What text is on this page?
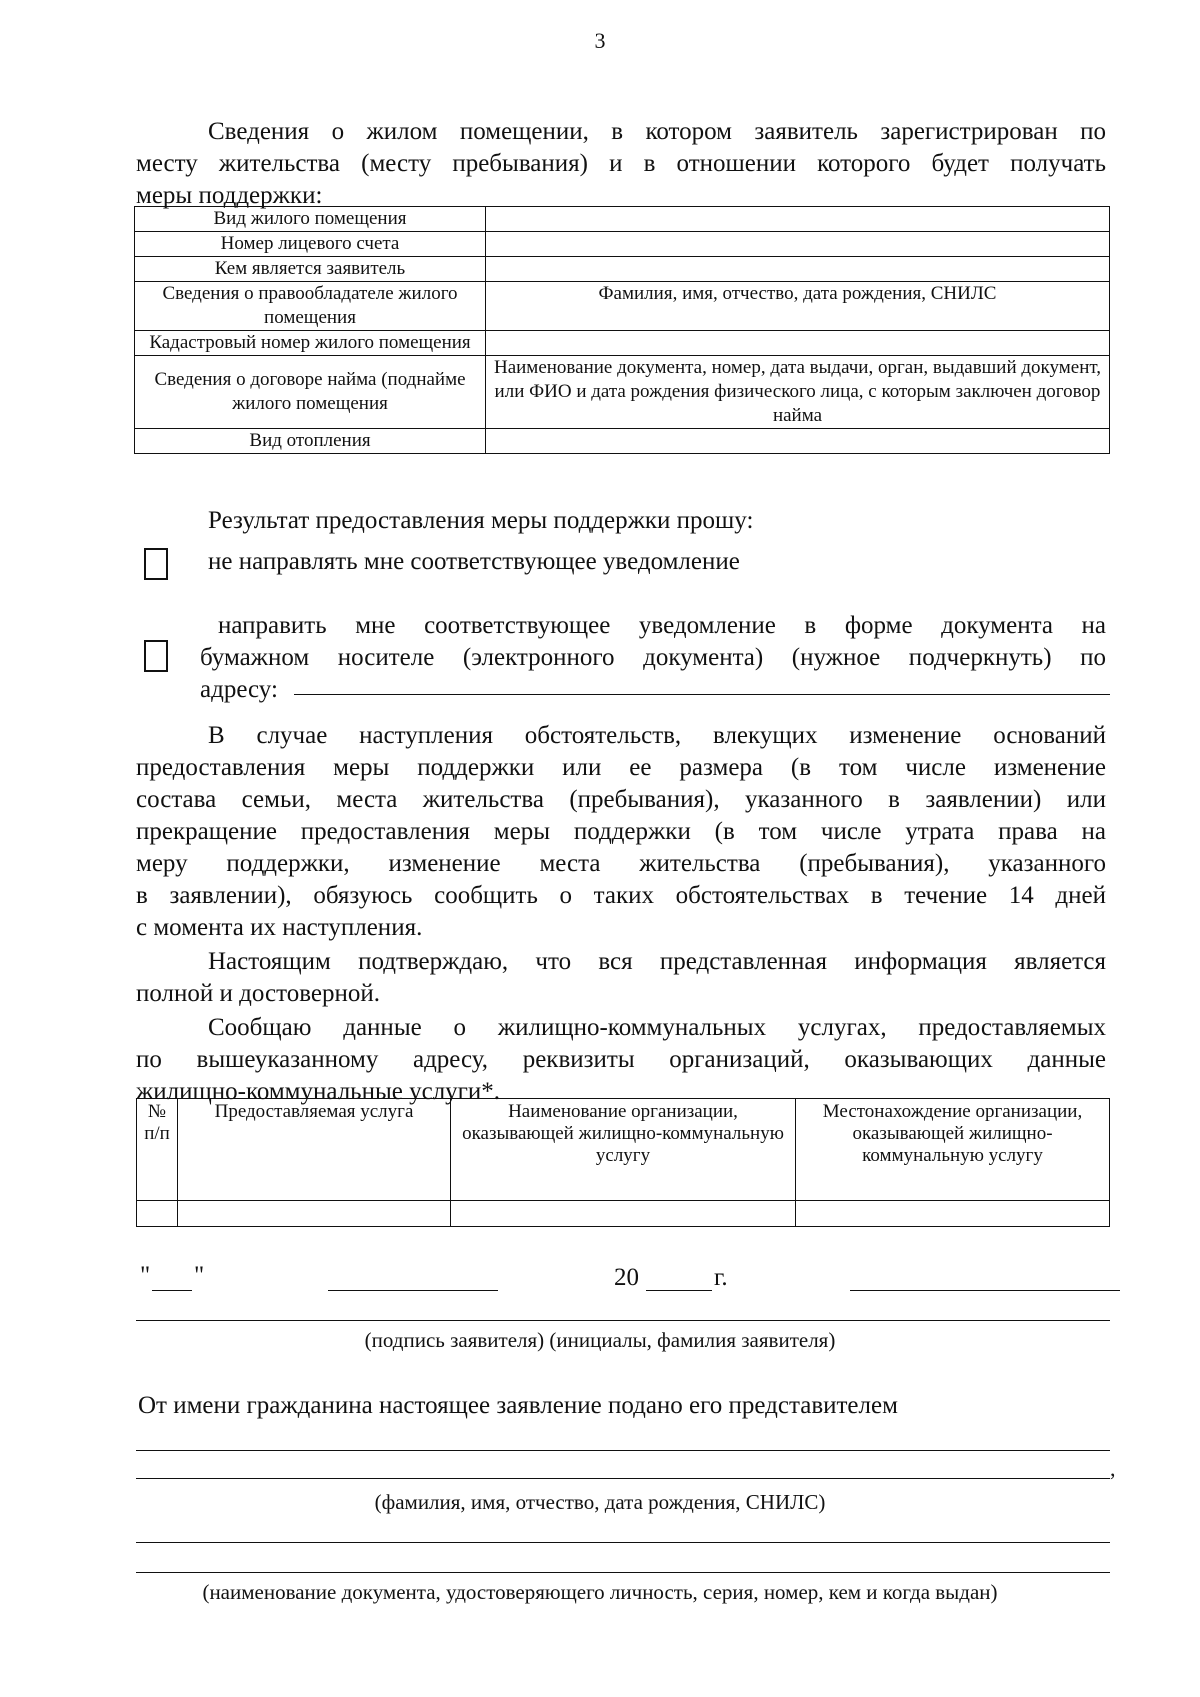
3
Сведения о жилом помещении, в котором заявитель зарегистрирован по
месту жительства (месту пребывания) и в отношении которого будет получать
меры поддержки:
Вид жилого помещения	
Номер лицевого счета	
Кем является заявитель	
Сведения о правообладателе жилого помещения	Фамилия, имя, отчество, дата рождения, СНИЛС
Кадастровый номер жилого помещения	
Сведения о договоре найма (поднайме жилого помещения	Наименование документа, номер, дата выдачи, орган, выдавший документ, или ФИО и дата рождения физического лица, с которым заключен договор найма
Вид отопления	
Результат предоставления меры поддержки прошу:
не направлять мне соответствующее уведомление
направить мне соответствующее уведомление в форме документа на
бумажном носителе (электронного документа) (нужное подчеркнуть) по
адресу:
В случае наступления обстоятельств, влекущих изменение оснований
предоставления меры поддержки или ее размера (в том числе изменение
состава семьи, места жительства (пребывания), указанного в заявлении) или
прекращение предоставления меры поддержки (в том числе утрата права на
меру поддержки, изменение места жительства (пребывания), указанного
в заявлении), обязуюсь сообщить о таких обстоятельствах в течение 14 дней
с момента их наступления.
Настоящим подтверждаю, что вся представленная информация является
полной и достоверной.
Сообщаю данные о жилищно-коммунальных услугах, предоставляемых
по вышеуказанному адресу, реквизиты организаций, оказывающих данные
жилищно-коммунальные услуги*.
№ п/п	Предоставляемая услуга	Наименование организации, оказывающей жилищно-коммунальную услугу	Местонахождение организации, оказывающей жилищно-коммунальную услугу

" "	20	г.
(подпись заявителя) (инициалы, фамилия заявителя)
От имени гражданина настоящее заявление подано его представителем
,
(фамилия, имя, отчество, дата рождения, СНИЛС)
(наименование документа, удостоверяющего личность, серия, номер, кем и когда выдан)
